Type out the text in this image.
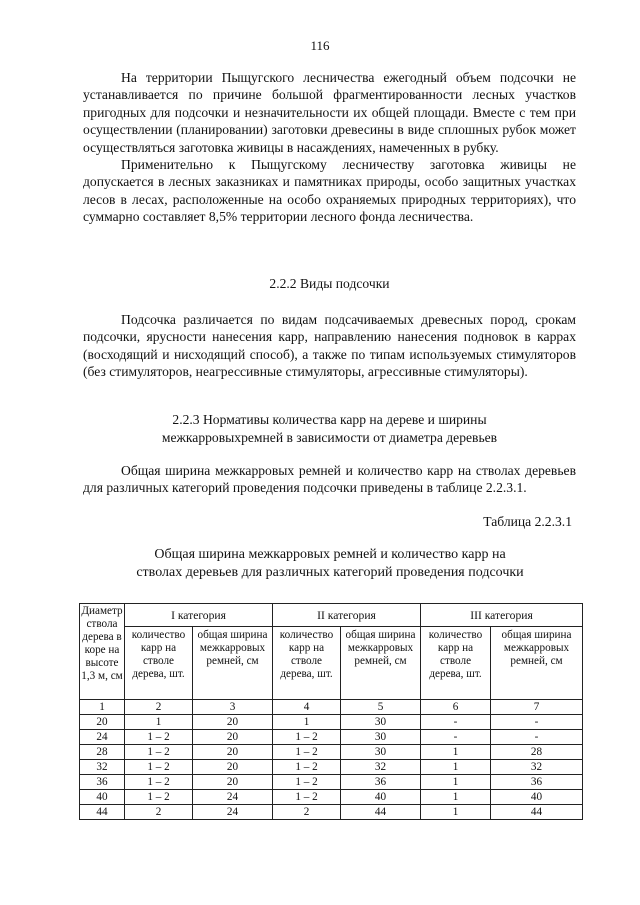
116

На территории Пыщугского лесничества ежегодный объем подсочки не устанавливается по причине большой фрагментированности лесных участков пригодных для подсочки и незначительности их общей площади. Вместе с тем при осуществлении (планировании) заготовки древесины в виде сплошных рубок может осуществляться заготовка живицы в насаждениях, намеченных в рубку.

Применительно к Пыщугскому лесничеству заготовка живицы не допускается в лесных заказниках и памятниках природы, особо защитных участках лесов в лесах, расположенные на особо охраняемых природных территориях), что суммарно составляет 8,5% территории лесного фонда лесничества.

2.2.2 Виды подсочки

Подсочка различается по видам подсачиваемых древесных пород, срокам подсочки, ярусности нанесения карр, направлению нанесения подновок в каррах (восходящий и нисходящий способ), а также по типам используемых стимуляторов (без стимуляторов, неагрессивные стимуляторы, агрессивные стимуляторы).

2.2.3 Нормативы количества карр на дереве и ширины
межкарровыхремней в зависимости от диаметра деревьев

Общая ширина межкарровых ремней и количество карр на стволах деревьев для различных категорий проведения подсочки приведены в таблице 2.2.3.1.

Таблица 2.2.3.1
Общая ширина межкарровых ремней и количество карр на
стволах деревьев для различных категорий проведения подсочки
Диаметр ствола дерева в коре на высоте 1,3 м, см	I категория		II категория		III категория	
	количество карр на стволе дерева, шт.	общая ширина межкарровых ремней, см	количество карр на стволе дерева, шт.	общая ширина межкарровых ремней, см	количество карр на стволе дерева, шт.	общая ширина межкарровых ремней, см
1	2	3	4	5	6	7
20	1	20	1	30	-	-
24	1 – 2	20	1 – 2	30	-	-
28	1 – 2	20	1 – 2	30	1	28
32	1 – 2	20	1 – 2	32	1	32
36	1 – 2	20	1 – 2	36	1	36
40	1 – 2	24	1 – 2	40	1	40
44	2	24	2	44	1	44
